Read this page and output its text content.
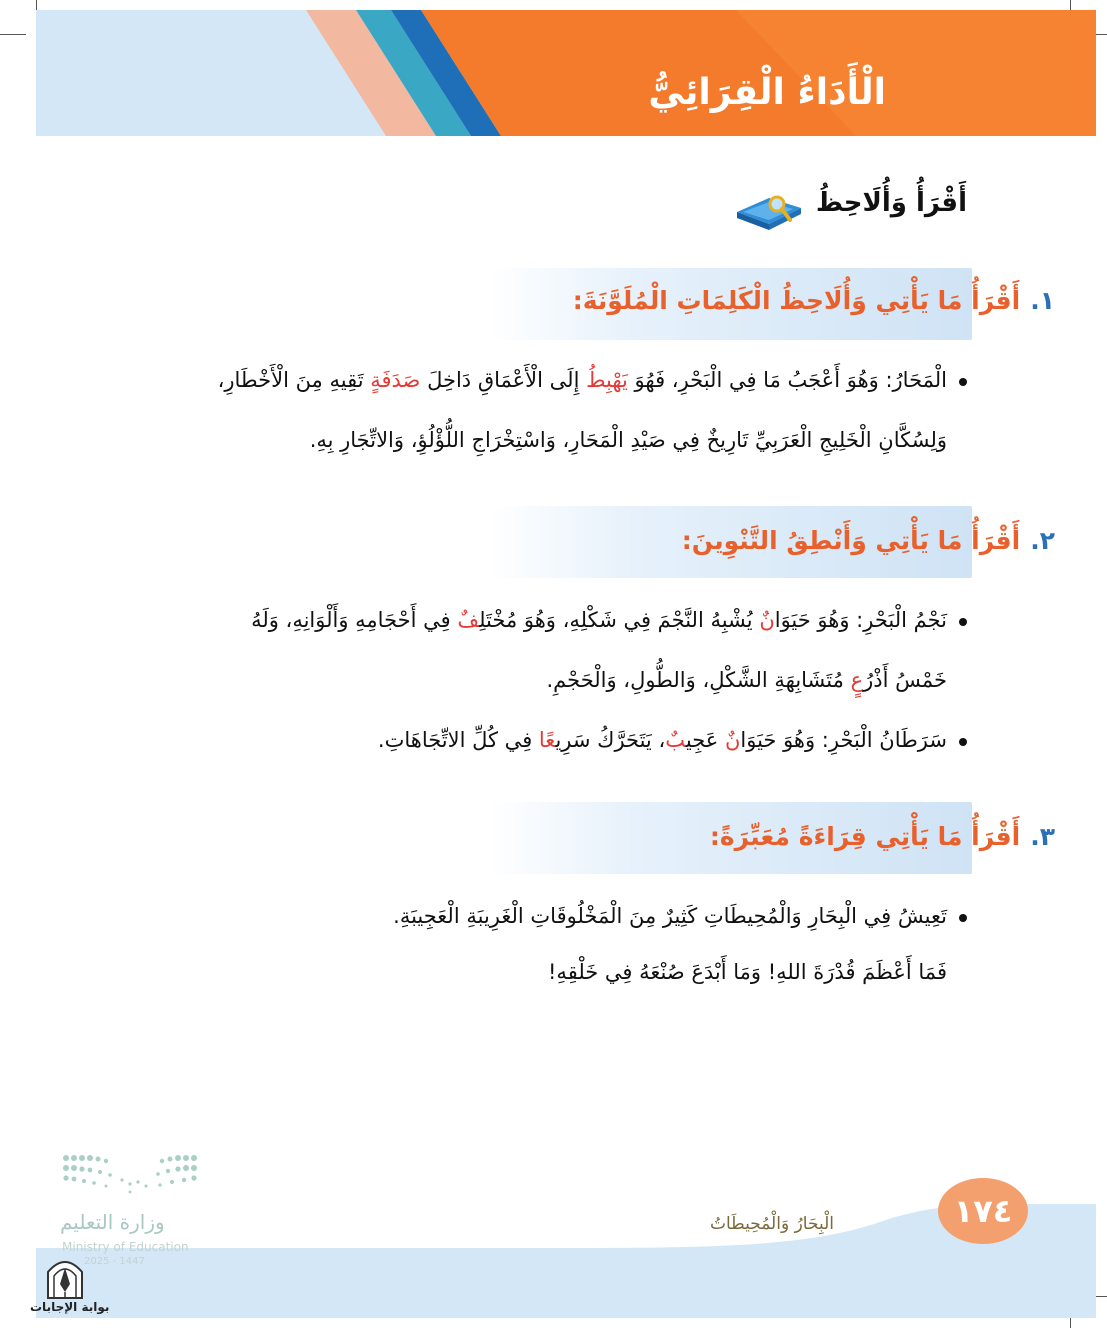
الْأَدَاءُ الْقِرَائِيُّ
أَقْرَأُ وَأُلَاحِظُ
١.أَقْرَأُ مَا يَأْتِي وَأُلَاحِظُ الْكَلِمَاتِ الْمُلَوَّنَةَ:
الْمَحَارُ: وَهُوَ أَعْجَبُ مَا فِي الْبَحْرِ، فَهُوَ يَهْبِطُ إِلَى الْأَعْمَاقِ دَاخِلَ صَدَفَةٍ تَقِيهِ مِنَ الْأَخْطَارِ،
وَلِسُكَّانِ الْخَلِيجِ الْعَرَبِيِّ تَارِيخٌ فِي صَيْدِ الْمَحَارِ، وَاسْتِخْرَاجِ اللُّؤْلُؤِ، وَالاتِّجَارِ بِهِ.
٢.أَقْرَأُ مَا يَأْتِي وَأَنْطِقُ التَّنْوِينَ:
نَجْمُ الْبَحْرِ: وَهُوَ حَيَوَانٌ يُشْبِهُ النَّجْمَ فِي شَكْلِهِ، وَهُوَ مُخْتَلِفٌ فِي أَحْجَامِهِ وَأَلْوَانِهِ، وَلَهُ
خَمْسُ أَذْرُعٍ مُتَشَابِهَةِ الشَّكْلِ، وَالطُّولِ، وَالْحَجْمِ.
سَرَطَانُ الْبَحْرِ: وَهُوَ حَيَوَانٌ عَجِيبٌ، يَتَحَرَّكُ سَرِيعًا فِي كُلِّ الاتِّجَاهَاتِ.
٣.أَقْرَأُ مَا يَأْتِي قِرَاءَةً مُعَبِّرَةً:
تَعِيشُ فِي الْبِحَارِ وَالْمُحِيطَاتِ كَثِيرٌ مِنَ الْمَخْلُوقَاتِ الْغَرِيبَةِ الْعَجِيبَةِ.
فَمَا أَعْظَمَ قُدْرَةَ اللهِ! وَمَا أَبْدَعَ صُنْعَهُ فِي خَلْقِهِ!
الْبِحَارُ وَالْمُحِيطَاتُ	١٧٤
وزارة التعليم
Ministry of Education
2025 - 1447
بوابة الإجابات
